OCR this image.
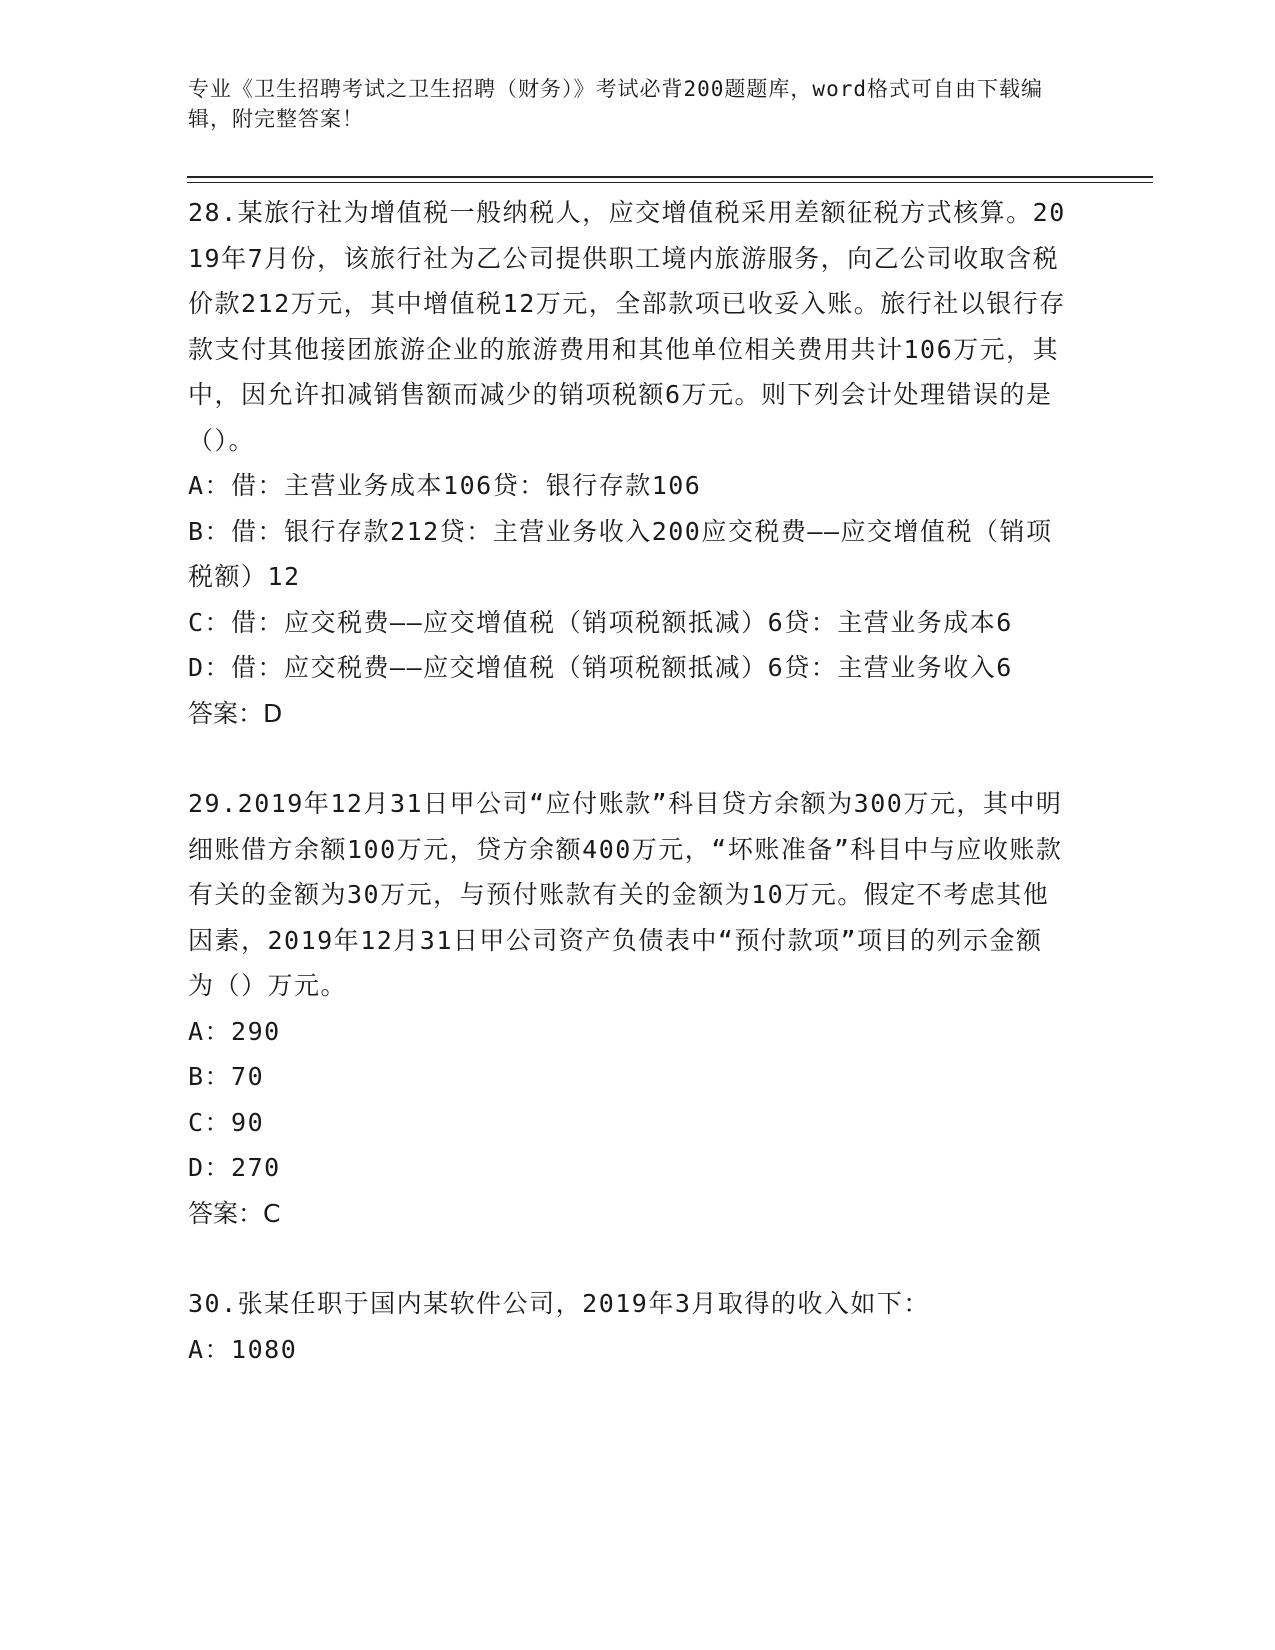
专业《卫生招聘考试之卫生招聘（财务）》考试必背200题题库，word格式可自由下载编辑，附完整答案！

28.某旅行社为增值税一般纳税人，应交增值税采用差额征税方式核算。2019年7月份，该旅行社为乙公司提供职工境内旅游服务，向乙公司收取含税价款212万元，其中增值税12万元，全部款项已收妥入账。旅行社以银行存款支付其他接团旅游企业的旅游费用和其他单位相关费用共计106万元，其中，因允许扣减销售额而减少的销项税额6万元。则下列会计处理错误的是（）。

A：借：主营业务成本106贷：银行存款106

B：借：银行存款212贷：主营业务收入200应交税费——应交增值税（销项税额）12

C：借：应交税费——应交增值税（销项税额抵减）6贷：主营业务成本6

D：借：应交税费——应交增值税（销项税额抵减）6贷：主营业务收入6

答案：D

29.2019年12月31日甲公司“应付账款”科目贷方余额为300万元，其中明细账借方余额100万元，贷方余额400万元，“坏账准备”科目中与应收账款有关的金额为30万元，与预付账款有关的金额为10万元。假定不考虑其他因素，2019年12月31日甲公司资产负债表中“预付款项”项目的列示金额为（）万元。

A：290

B：70

C：90

D：270

答案：C

30.张某任职于国内某软件公司，2019年3月取得的收入如下：

A：1080
